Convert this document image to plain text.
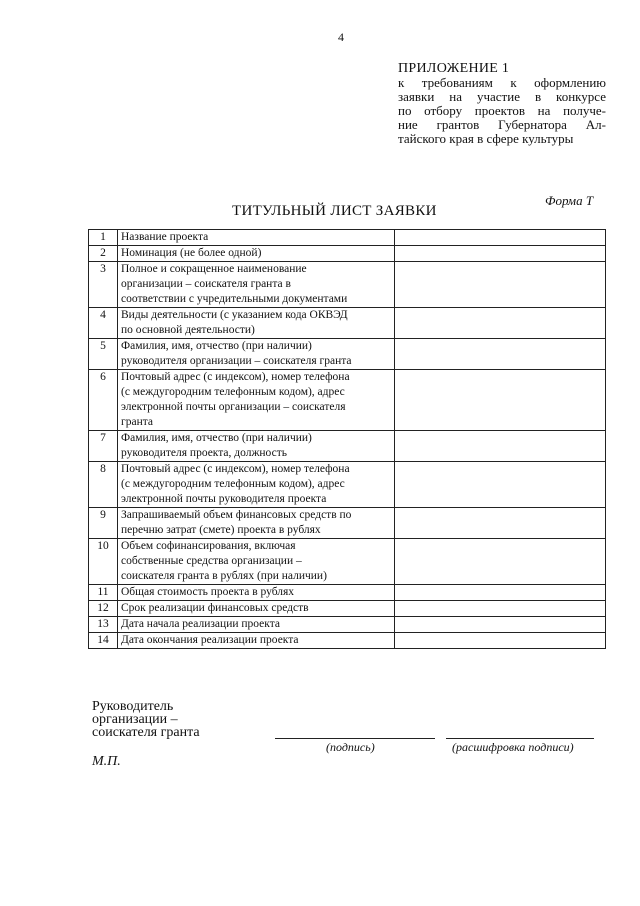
4
ПРИЛОЖЕНИЕ 1
к требованиям к оформлению
заявки на участие в конкурсе
по отбору проектов на получе-
ние грантов Губернатора Ал-
тайского края в сфере культуры
Форма Т
ТИТУЛЬНЫЙ ЛИСТ ЗАЯВКИ
1	Название проекта	

2	Номинация (не более одной)	

3	Полное и сокращенное наименование
организации – соискателя гранта в
соответствии с учредительными документами	

4	Виды деятельности (с указанием кода ОКВЭД
по основной деятельности)	

5	Фамилия, имя, отчество (при наличии)
руководителя организации – соискателя гранта	

6	Почтовый адрес (с индексом), номер телефона
(с междугородним телефонным кодом), адрес
электронной почты организации – соискателя
гранта	

7	Фамилия, имя, отчество (при наличии)
руководителя проекта, должность	

8	Почтовый адрес (с индексом), номер телефона
(с междугородним телефонным кодом), адрес
электронной почты руководителя проекта	

9	Запрашиваемый объем финансовых средств по
перечню затрат (смете) проекта в рублях	

10	Объем софинансирования, включая
собственные средства организации –
соискателя гранта в рублях (при наличии)	

11	Общая стоимость проекта в рублях	

12	Срок реализации финансовых средств	

13	Дата начала реализации проекта	

14	Дата окончания реализации проекта	

Руководитель
организации –
соискателя гранта
(подпись)	(расшифровка подписи)
М.П.
